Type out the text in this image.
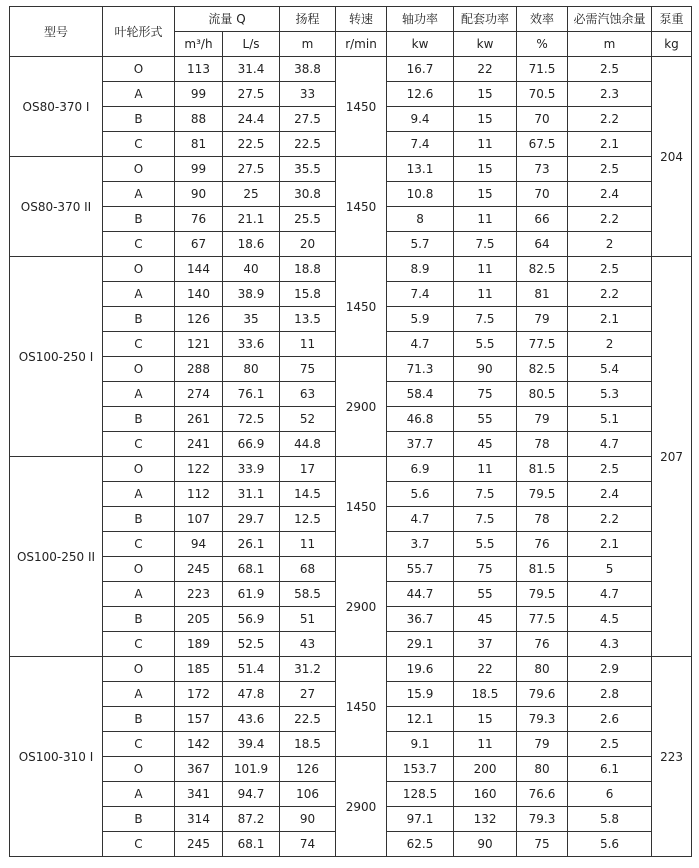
型号	叶轮形式	流量 Q		扬程	转速	轴功率	配套功率	效率	必需汽蚀余量	泵重
		m³/h	L/s	m	r/min	kw	kw	%	m	kg
OS80-370 I	O	113	31.4	38.8	1450	16.7	22	71.5	2.5	204
	A	99	27.5	33		12.6	15	70.5	2.3	
	B	88	24.4	27.5		9.4	15	70	2.2	
	C	81	22.5	22.5		7.4	11	67.5	2.1	
OS80-370 II	O	99	27.5	35.5	1450	13.1	15	73	2.5	
	A	90	25	30.8		10.8	15	70	2.4	
	B	76	21.1	25.5		8	11	66	2.2	
	C	67	18.6	20		5.7	7.5	64	2	
OS100-250 I	O	144	40	18.8	1450	8.9	11	82.5	2.5	207
	A	140	38.9	15.8		7.4	11	81	2.2	
	B	126	35	13.5		5.9	7.5	79	2.1	
	C	121	33.6	11		4.7	5.5	77.5	2	
	O	288	80	75	2900	71.3	90	82.5	5.4	
	A	274	76.1	63		58.4	75	80.5	5.3	
	B	261	72.5	52		46.8	55	79	5.1	
	C	241	66.9	44.8		37.7	45	78	4.7	
OS100-250 II	O	122	33.9	17	1450	6.9	11	81.5	2.5	
	A	112	31.1	14.5		5.6	7.5	79.5	2.4	
	B	107	29.7	12.5		4.7	7.5	78	2.2	
	C	94	26.1	11		3.7	5.5	76	2.1	
	O	245	68.1	68	2900	55.7	75	81.5	5	
	A	223	61.9	58.5		44.7	55	79.5	4.7	
	B	205	56.9	51		36.7	45	77.5	4.5	
	C	189	52.5	43		29.1	37	76	4.3	
OS100-310 I	O	185	51.4	31.2	1450	19.6	22	80	2.9	223
	A	172	47.8	27		15.9	18.5	79.6	2.8	
	B	157	43.6	22.5		12.1	15	79.3	2.6	
	C	142	39.4	18.5		9.1	11	79	2.5	
	O	367	101.9	126	2900	153.7	200	80	6.1	
	A	341	94.7	106		128.5	160	76.6	6	
	B	314	87.2	90		97.1	132	79.3	5.8	
	C	245	68.1	74		62.5	90	75	5.6	
